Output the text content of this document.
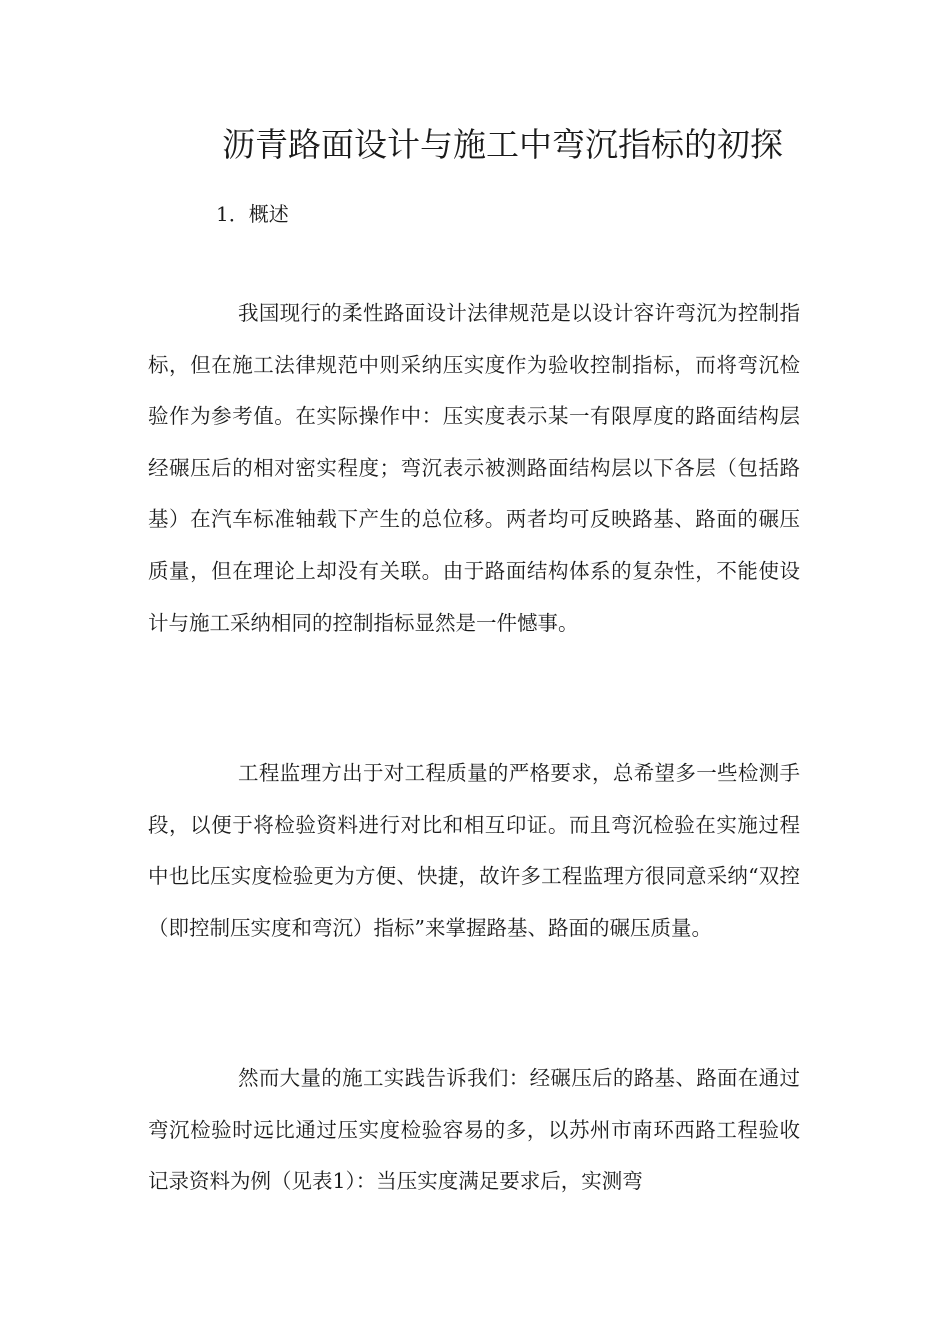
沥青路面设计与施工中弯沉指标的初探
1．概述

我国现行的柔性路面设计法律规范是以设计容许弯沉为控制指标，但在施工法律规范中则采纳压实度作为验收控制指标，而将弯沉检验作为参考值。在实际操作中：压实度表示某一有限厚度的路面结构层经碾压后的相对密实程度；弯沉表示被测路面结构层以下各层（包括路基）在汽车标准轴载下产生的总位移。两者均可反映路基、路面的碾压质量，但在理论上却没有关联。由于路面结构体系的复杂性，不能使设计与施工采纳相同的控制指标显然是一件憾事。

工程监理方出于对工程质量的严格要求，总希望多一些检测手段，以便于将检验资料进行对比和相互印证。而且弯沉检验在实施过程中也比压实度检验更为方便、快捷，故许多工程监理方很同意采纳“双控（即控制压实度和弯沉）指标”来掌握路基、路面的碾压质量。

然而大量的施工实践告诉我们：经碾压后的路基、路面在通过弯沉检验时远比通过压实度检验容易的多，以苏州市南环西路工程验收记录资料为例（见表1）：当压实度满足要求后，实测弯
